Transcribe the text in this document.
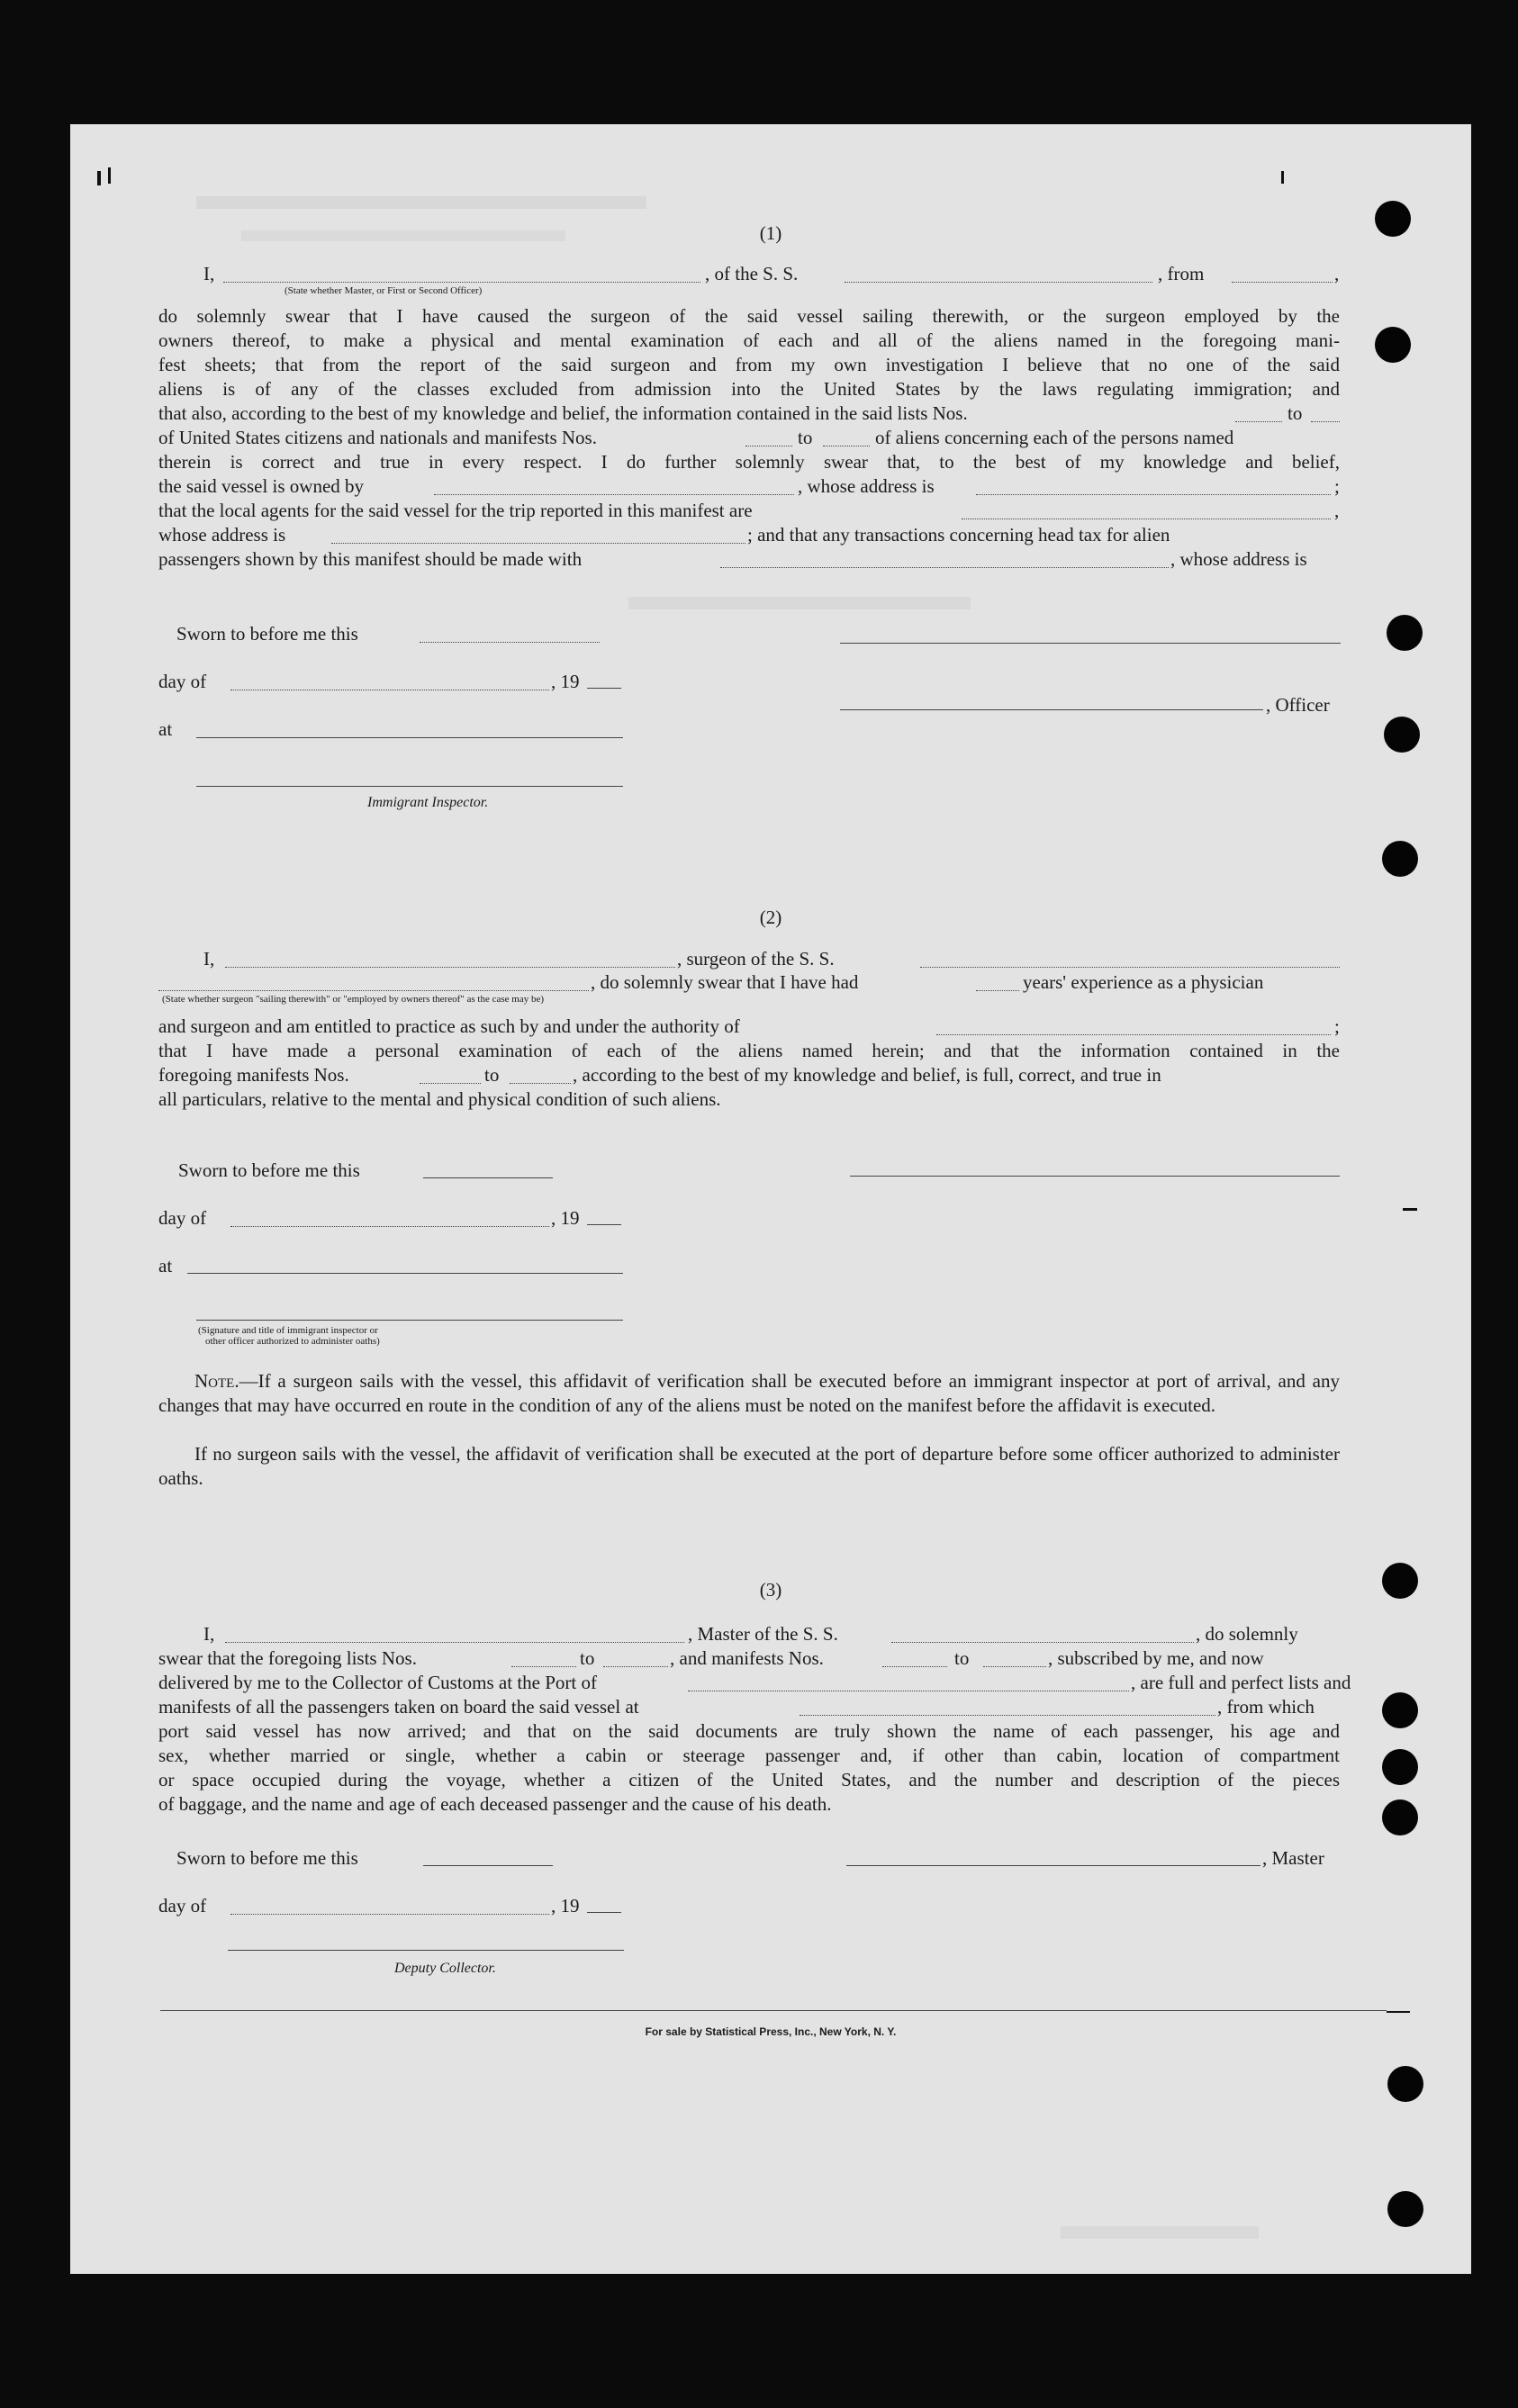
(1)
I,	, of the S. S.	, from	,
(State whether Master, or First or Second Officer)
do solemnly swear that I have caused the surgeon of the said vessel sailing therewith, or the surgeon employed by the
owners thereof, to make a physical and mental examination of each and all of the aliens named in the foregoing mani-
fest sheets; that from the report of the said surgeon and from my own investigation I believe that no one of the said
aliens is of any of the classes excluded from admission into the United States by the laws regulating immigration; and
that also, according to the best of my knowledge and belief, the information contained in the said lists Nos.	to
of United States citizens and nationals and manifests Nos.	to	of aliens concerning each of the persons named
therein is correct and true in every respect. I do further solemnly swear that, to the best of my knowledge and belief,
the said vessel is owned by	, whose address is	;
that the local agents for the said vessel for the trip reported in this manifest are	,
whose address is	; and that any transactions concerning head tax for alien
passengers shown by this manifest should be made with	, whose address is
Sworn to before me this
day of	, 19
, Officer
at
Immigrant Inspector.
(2)
I,	, surgeon of the S. S.
, do solemnly swear that I have had	years' experience as a physician
(State whether surgeon "sailing therewith" or "employed by owners thereof" as the case may be)
and surgeon and am entitled to practice as such by and under the authority of	;
that I have made a personal examination of each of the aliens named herein; and that the information contained in the
foregoing manifests Nos.	to	, according to the best of my knowledge and belief, is full, correct, and true in
all particulars, relative to the mental and physical condition of such aliens.
Sworn to before me this
day of	, 19
at
(Signature and title of immigrant inspector or
other officer authorized to administer oaths)
Note.—If a surgeon sails with the vessel, this affidavit of verification shall be executed before an immigrant inspector at port of arrival, and any changes that may have occurred en route in the condition of any of the aliens must be noted on the manifest before the affidavit is executed.
If no surgeon sails with the vessel, the affidavit of verification shall be executed at the port of departure before some officer authorized to administer oaths.
(3)
I,	, Master of the S. S.	, do solemnly
swear that the foregoing lists Nos.	to	, and manifests Nos.	to	, subscribed by me, and now
delivered by me to the Collector of Customs at the Port of	, are full and perfect lists and
manifests of all the passengers taken on board the said vessel at	, from which
port said vessel has now arrived; and that on the said documents are truly shown the name of each passenger, his age and
sex, whether married or single, whether a cabin or steerage passenger and, if other than cabin, location of compartment
or space occupied during the voyage, whether a citizen of the United States, and the number and description of the pieces
of baggage, and the name and age of each deceased passenger and the cause of his death.
Sworn to before me this	, Master
day of	, 19
Deputy Collector.
For sale by Statistical Press, Inc., New York, N. Y.
